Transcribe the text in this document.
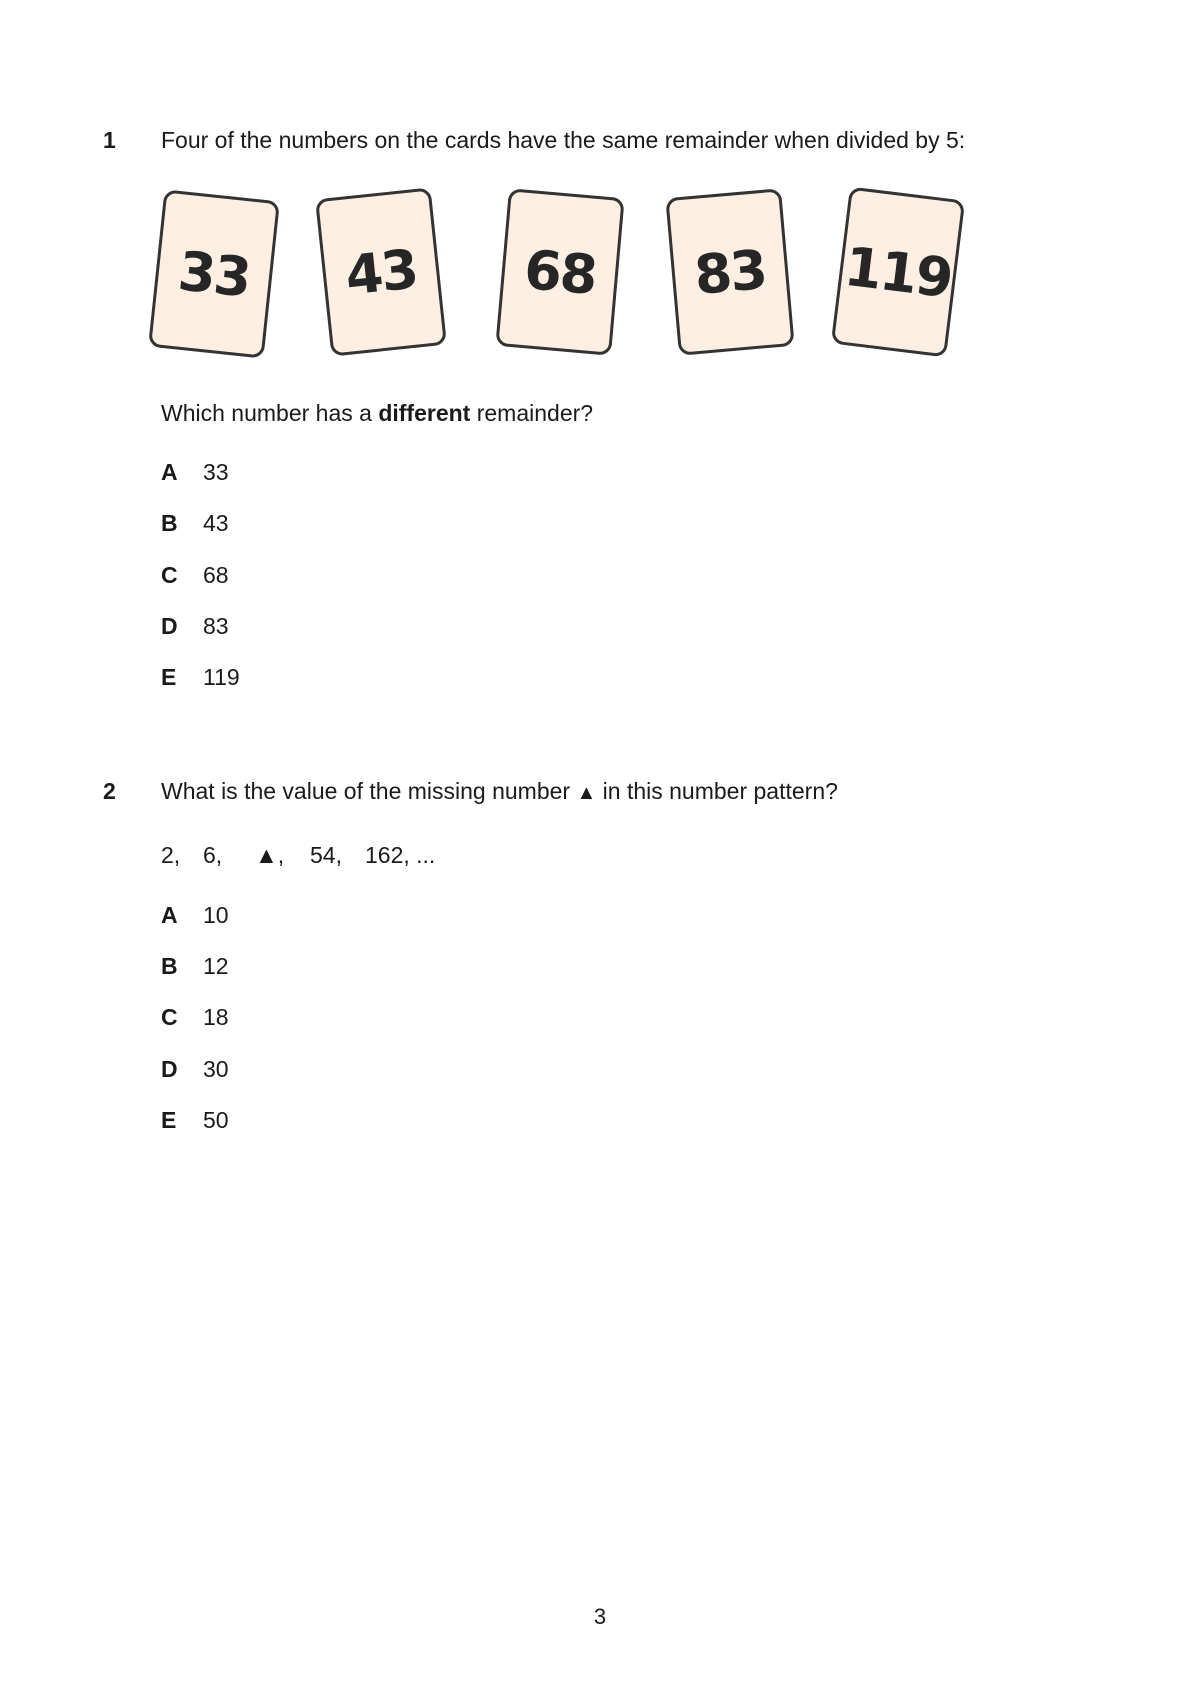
1 Four of the numbers on the cards have the same remainder when divided by 5:
33	43	68	83	119
Which number has a different remainder?
A 33
B 43
C 68
D 83
E 119
2 What is the value of the missing number ▲ in this number pattern?
2, 6, ▲, 54, 162, ...
A 10
B 12
C 18
D 30
E 50
3
